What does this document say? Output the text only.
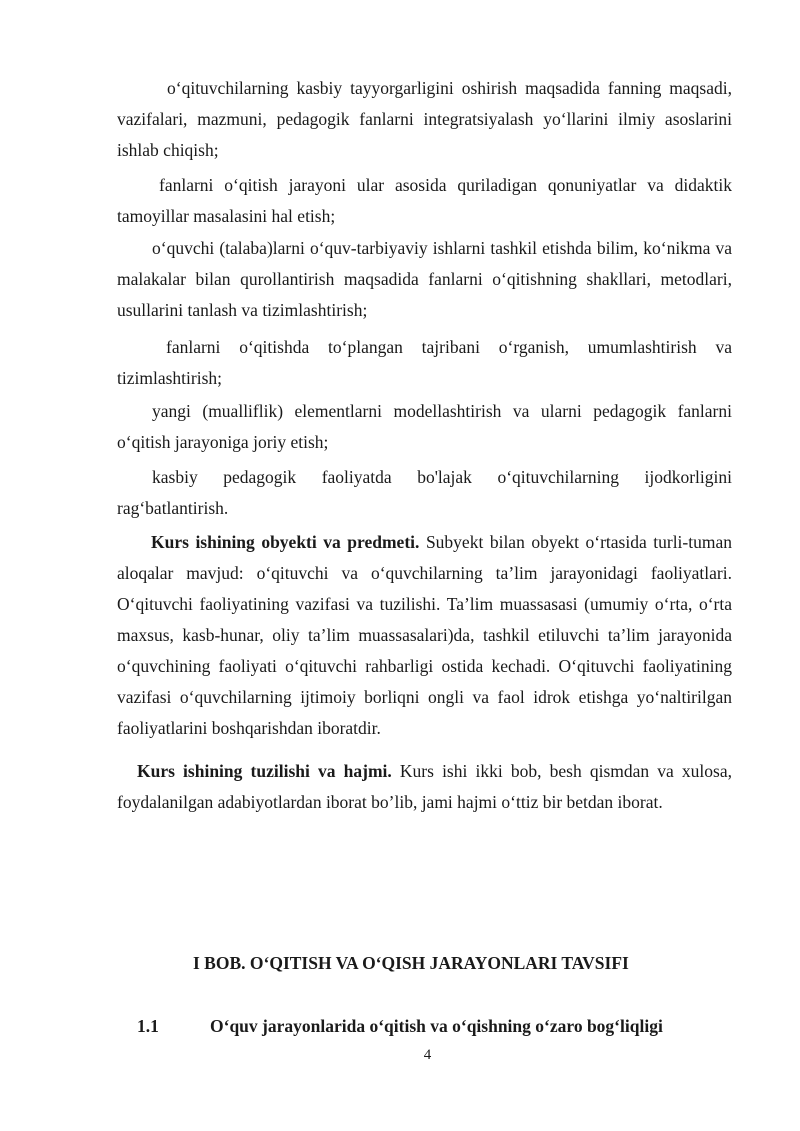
o‘qituvchilarning kasbiy tayyorgarligini oshirish maqsadida fanning maqsadi, vazifalari, mazmuni, pedagogik fanlarni integratsiyalash yo‘llarini ilmiy asoslarini ishlab chiqish;

fanlarni o‘qitish jarayoni ular asosida quriladigan qonuniyatlar va didaktik tamoyillar masalasini hal etish;

o‘quvchi (talaba)larni o‘quv-tarbiyaviy ishlarni tashkil etishda bilim, ko‘nikma va malakalar bilan qurollantirish maqsadida fanlarni o‘qitishning shakllari, metodlari, usullarini tanlash va tizimlashtirish;

fanlarni o‘qitishda to‘plangan tajribani o‘rganish, umumlashtirish va tizimlashtirish;

yangi (mualliflik) elementlarni modellashtirish va ularni pedagogik fanlarni o‘qitish jarayoniga joriy etish;

kasbiy pedagogik faoliyatda bo'lajak o‘qituvchilarning ijodkorligini rag‘batlantirish.

Kurs ishining obyekti va predmeti. Subyekt bilan obyekt o‘rtasida turli-tuman aloqalar mavjud: o‘qituvchi va o‘quvchilarning ta’lim jarayonidagi faoliyatlari. O‘qituvchi faoliyatining vazifasi va tuzilishi. Ta’lim muassasasi (umumiy o‘rta, o‘rta maxsus, kasb-hunar, oliy ta’lim muassasalari)da, tashkil etiluvchi ta’lim jarayonida o‘quvchining faoliyati o‘qituvchi rahbarligi ostida kechadi. O‘qituvchi faoliyatining vazifasi o‘quvchilarning ijtimoiy borliqni ongli va faol idrok etishga yo‘naltirilgan faoliyatlarini boshqarishdan iboratdir.

Kurs ishining tuzilishi va hajmi. Kurs ishi ikki bob, besh qismdan va xulosa, foydalanilgan adabiyotlardan iborat bo’lib, jami hajmi o‘ttiz bir betdan iborat.

I BOB. O‘QITISH VA O‘QISH JARAYONLARI TAVSIFI

1.1	O‘quv jarayonlarida o‘qitish va o‘qishning o‘zaro bog‘liqligi

4
